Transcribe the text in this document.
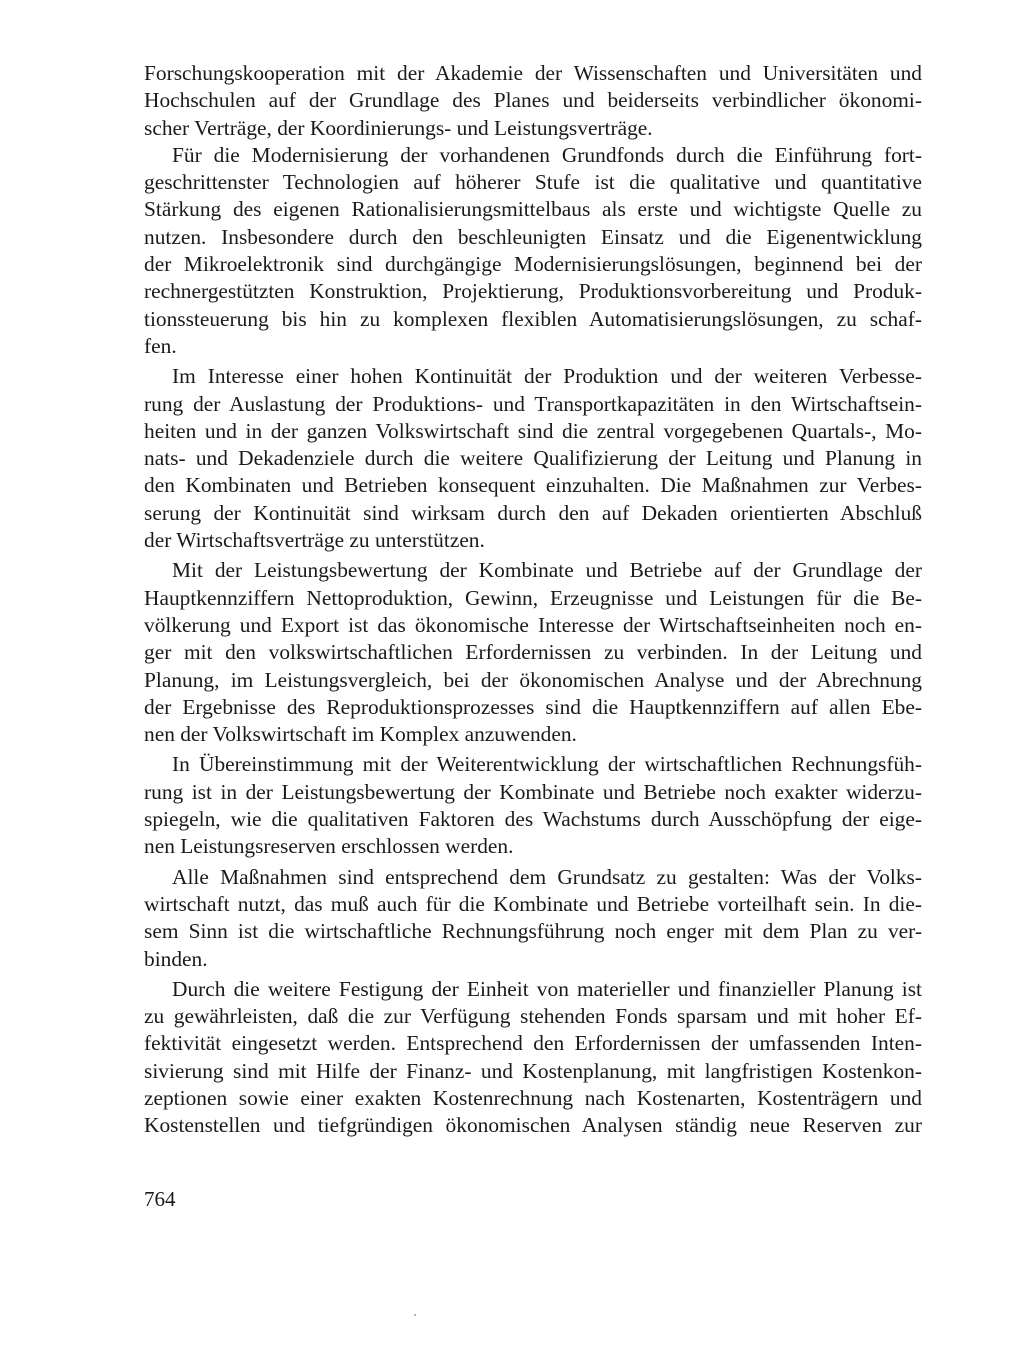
Forschungskooperation mit der Akademie der Wissenschaften und Universitäten und
Hochschulen auf der Grundlage des Planes und beiderseits verbindlicher ökonomi-
scher Verträge, der Koordinierungs- und Leistungsverträge.

Für die Modernisierung der vorhandenen Grundfonds durch die Einführung fort-
geschrittenster Technologien auf höherer Stufe ist die qualitative und quantitative
Stärkung des eigenen Rationalisierungsmittelbaus als erste und wichtigste Quelle zu
nutzen. Insbesondere durch den beschleunigten Einsatz und die Eigenentwicklung
der Mikroelektronik sind durchgängige Modernisierungslösungen, beginnend bei der
rechnergestützten Konstruktion, Projektierung, Produktionsvorbereitung und Produk-
tionssteuerung bis hin zu komplexen flexiblen Automatisierungslösungen, zu schaf-
fen.

Im Interesse einer hohen Kontinuität der Produktion und der weiteren Verbesse-
rung der Auslastung der Produktions- und Transportkapazitäten in den Wirtschaftsein-
heiten und in der ganzen Volkswirtschaft sind die zentral vorgegebenen Quartals-, Mo-
nats- und Dekadenziele durch die weitere Qualifizierung der Leitung und Planung in
den Kombinaten und Betrieben konsequent einzuhalten. Die Maßnahmen zur Verbes-
serung der Kontinuität sind wirksam durch den auf Dekaden orientierten Abschluß
der Wirtschaftsverträge zu unterstützen.

Mit der Leistungsbewertung der Kombinate und Betriebe auf der Grundlage der
Hauptkennziffern Nettoproduktion, Gewinn, Erzeugnisse und Leistungen für die Be-
völkerung und Export ist das ökonomische Interesse der Wirtschaftseinheiten noch en-
ger mit den volkswirtschaftlichen Erfordernissen zu verbinden. In der Leitung und
Planung, im Leistungsvergleich, bei der ökonomischen Analyse und der Abrechnung
der Ergebnisse des Reproduktionsprozesses sind die Hauptkennziffern auf allen Ebe-
nen der Volkswirtschaft im Komplex anzuwenden.

In Übereinstimmung mit der Weiterentwicklung der wirtschaftlichen Rechnungsfüh-
rung ist in der Leistungsbewertung der Kombinate und Betriebe noch exakter widerzu-
spiegeln, wie die qualitativen Faktoren des Wachstums durch Ausschöpfung der eige-
nen Leistungsreserven erschlossen werden.

Alle Maßnahmen sind entsprechend dem Grundsatz zu gestalten: Was der Volks-
wirtschaft nutzt, das muß auch für die Kombinate und Betriebe vorteilhaft sein. In die-
sem Sinn ist die wirtschaftliche Rechnungsführung noch enger mit dem Plan zu ver-
binden.

Durch die weitere Festigung der Einheit von materieller und finanzieller Planung ist
zu gewährleisten, daß die zur Verfügung stehenden Fonds sparsam und mit hoher Ef-
fektivität eingesetzt werden. Entsprechend den Erfordernissen der umfassenden Inten-
sivierung sind mit Hilfe der Finanz- und Kostenplanung, mit langfristigen Kostenkon-
zeptionen sowie einer exakten Kostenrechnung nach Kostenarten, Kostenträgern und
Kostenstellen und tiefgründigen ökonomischen Analysen ständig neue Reserven zur

764
